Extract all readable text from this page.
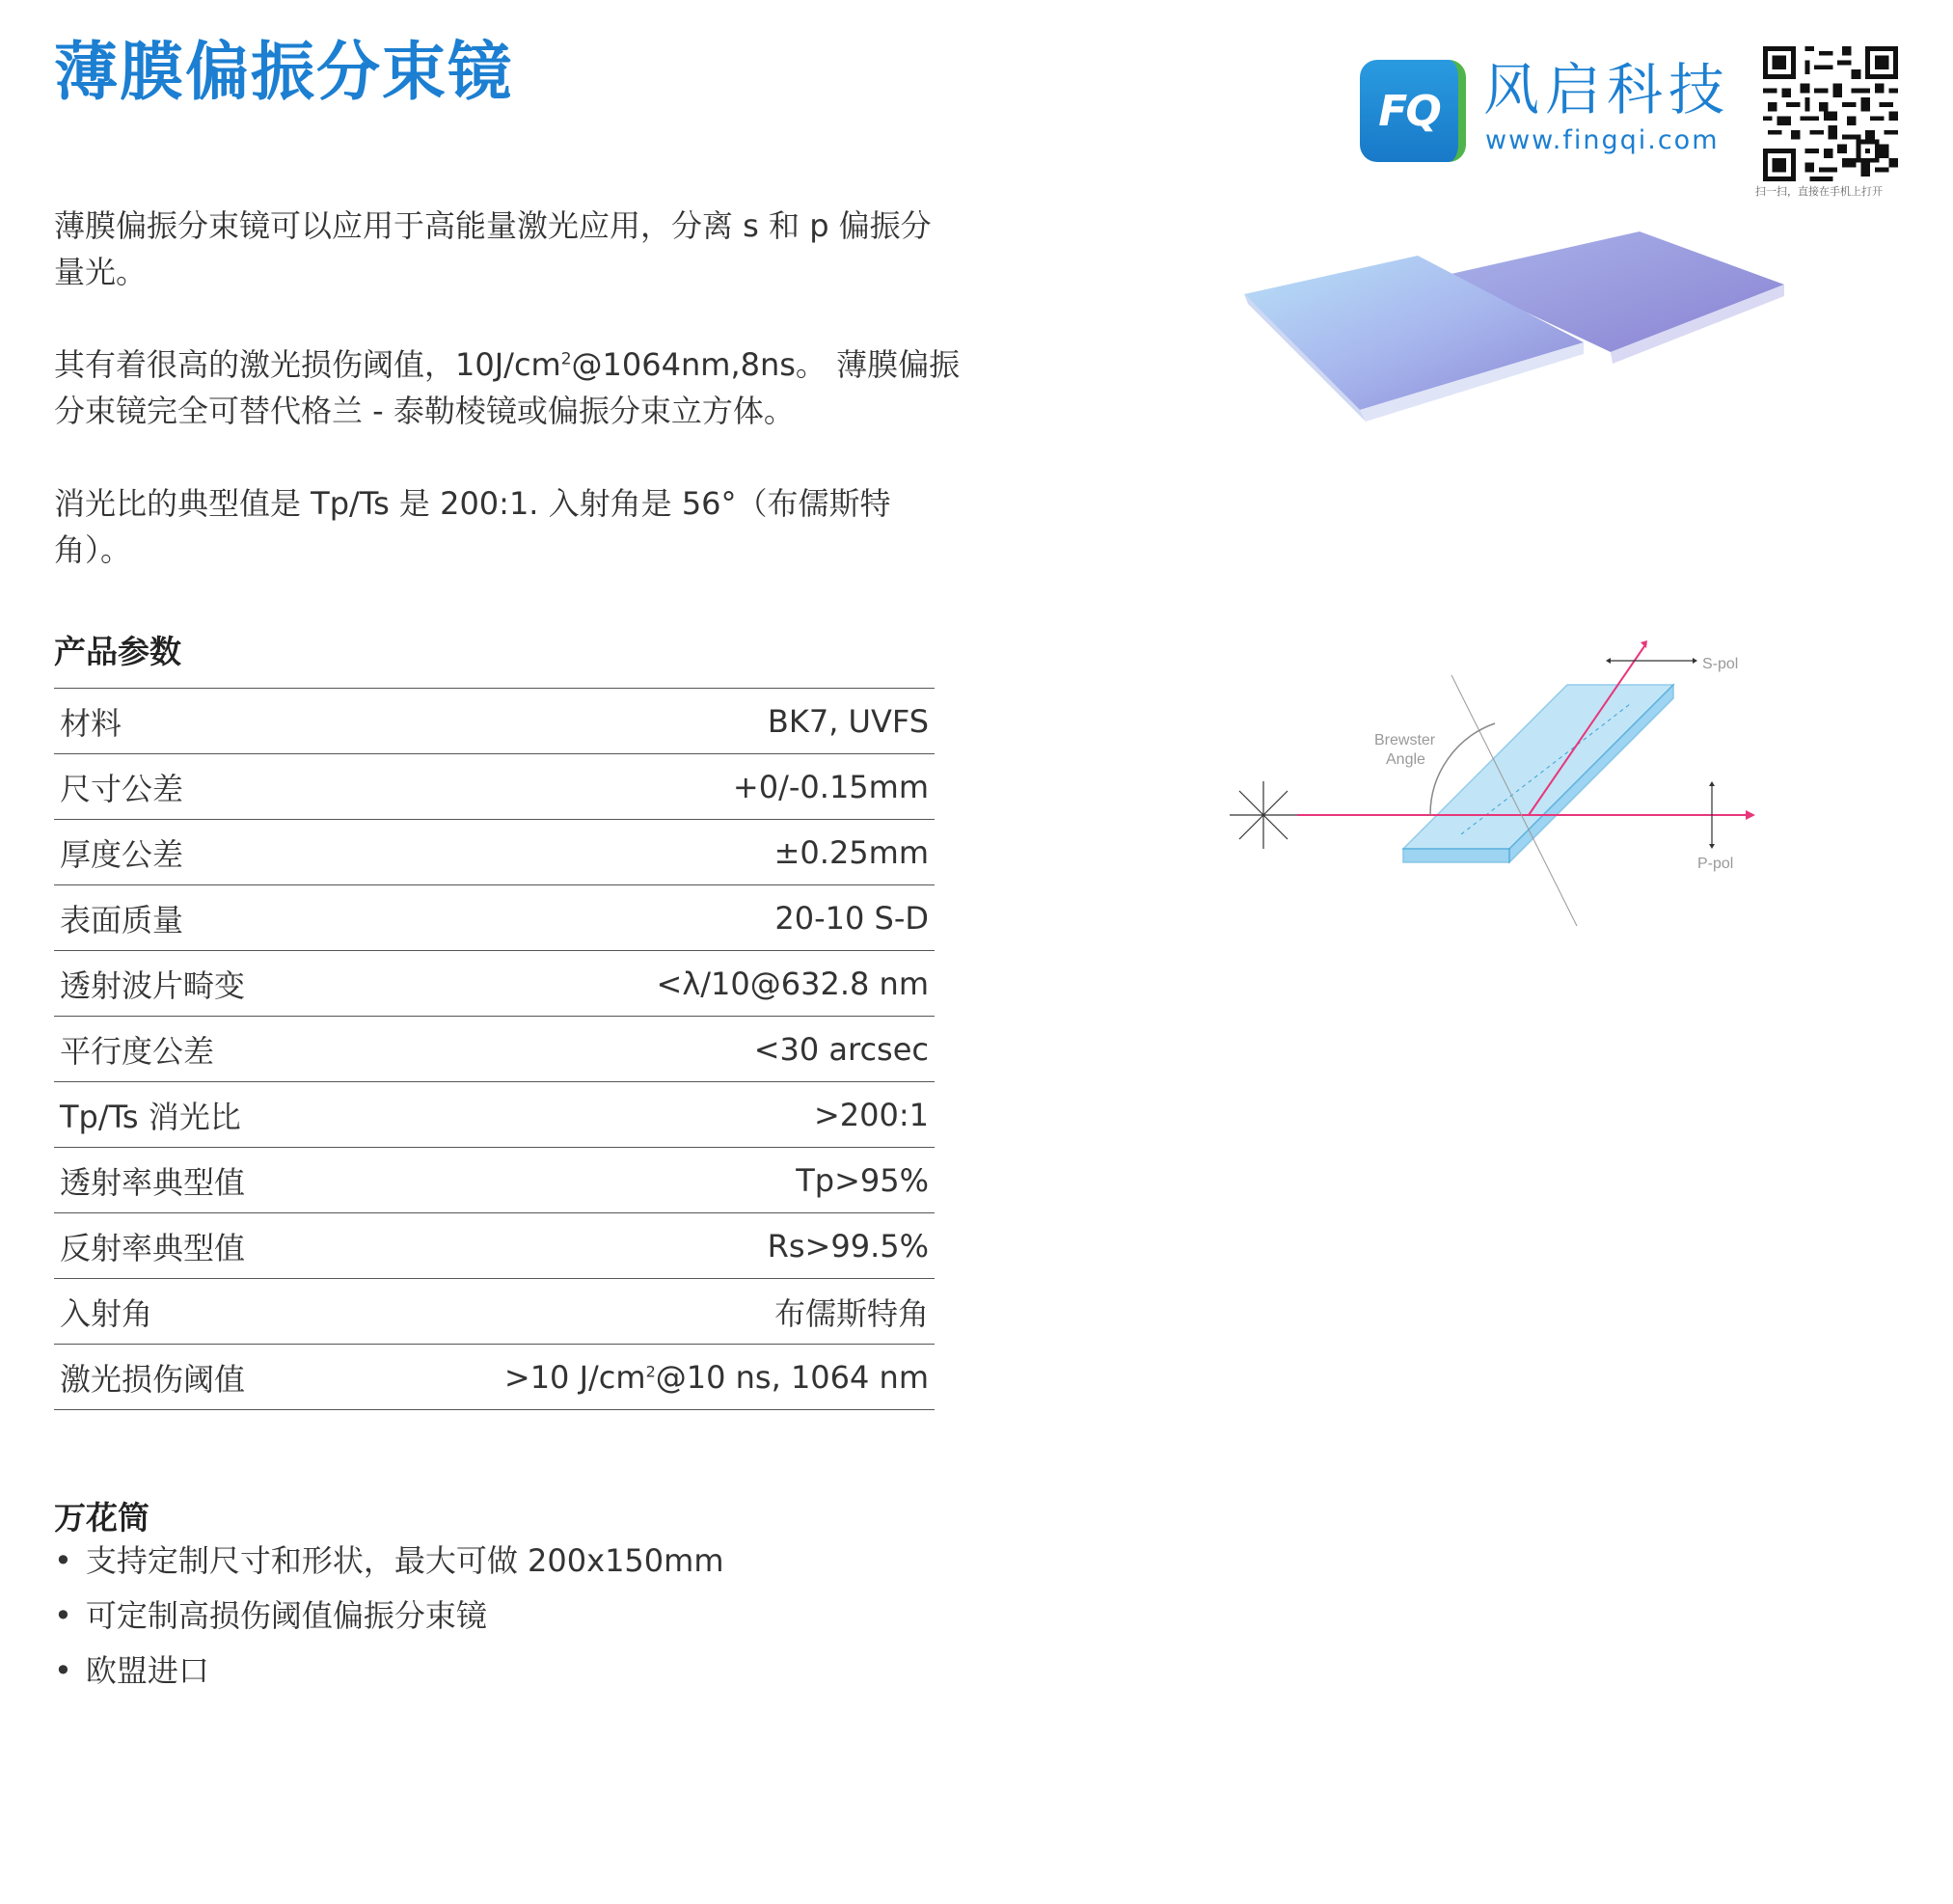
薄膜偏振分束镜
FQ 风启科技
www.fingqi.com
扫一扫，直接在手机上打开

薄膜偏振分束镜可以应用于高能量激光应用，分离 s 和 p 偏振分量光。

其有着很高的激光损伤阈值，$10J/cm^2@1064nm,8ns$。 薄膜偏振分束镜完全可替代格兰 - 泰勒棱镜或偏振分束立方体。

消光比的典型值是 Tp/Ts 是 200:1. 入射角是 56°（布儒斯特角）。

S-pol
P-pol
Brewster
Angle
产品参数
材料	BK7, UVFS
尺寸公差	+0/-0.15mm
厚度公差	±0.25mm
表面质量	20-10 S-D
透射波片畸变	<λ/10@632.8 nm
平行度公差	<30 arcsec
Tp/Ts 消光比	>200:1
透射率典型值	Tp>95%
反射率典型值	Rs>99.5%
入射角	布儒斯特角
激光损伤阈值	>10 $J/cm^2@10$ ns, 1064 nm
万花筒
• 支持定制尺寸和形状，最大可做 200x150mm
• 可定制高损伤阈值偏振分束镜
• 欧盟进口
